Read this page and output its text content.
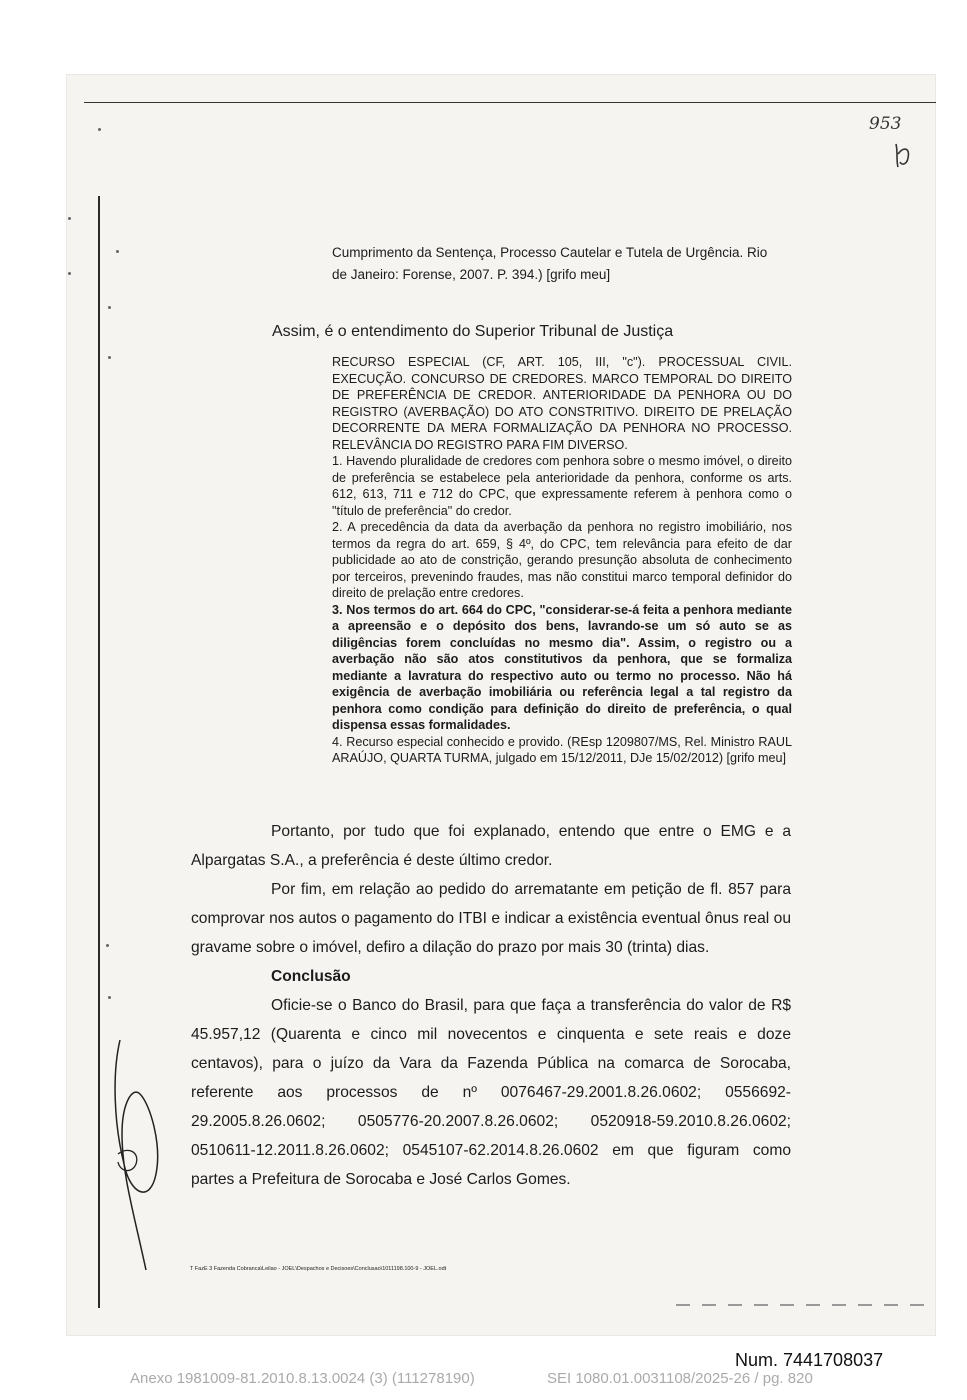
953
Cumprimento da Sentença, Processo Cautelar e Tutela de Urgência. Rio
de Janeiro: Forense, 2007. P. 394.) [grifo meu]
Assim, é o entendimento do Superior Tribunal de Justiça

RECURSO ESPECIAL (CF, ART. 105, III, "c"). PROCESSUAL CIVIL. EXECUÇÃO. CONCURSO DE CREDORES. MARCO TEMPORAL DO DIREITO DE PREFERÊNCIA DE CREDOR. ANTERIORIDADE DA PENHORA OU DO REGISTRO (AVERBAÇÃO) DO ATO CONSTRITIVO. DIREITO DE PRELAÇÃO DECORRENTE DA MERA FORMALIZAÇÃO DA PENHORA NO PROCESSO. RELEVÂNCIA DO REGISTRO PARA FIM DIVERSO.

1. Havendo pluralidade de credores com penhora sobre o mesmo imóvel, o direito de preferência se estabelece pela anterioridade da penhora, conforme os arts. 612, 613, 711 e 712 do CPC, que expressamente referem à penhora como o "título de preferência" do credor.

2. A precedência da data da averbação da penhora no registro imobiliário, nos termos da regra do art. 659, § 4º, do CPC, tem relevância para efeito de dar publicidade ao ato de constrição, gerando presunção absoluta de conhecimento por terceiros, prevenindo fraudes, mas não constitui marco temporal definidor do direito de prelação entre credores.

3. Nos termos do art. 664 do CPC, "considerar-se-á feita a penhora mediante a apreensão e o depósito dos bens, lavrando-se um só auto se as diligências forem concluídas no mesmo dia". Assim, o registro ou a averbação não são atos constitutivos da penhora, que se formaliza mediante a lavratura do respectivo auto ou termo no processo. Não há exigência de averbação imobiliária ou referência legal a tal registro da penhora como condição para definição do direito de preferência, o qual dispensa essas formalidades.

4. Recurso especial conhecido e provido. (REsp 1209807/MS, Rel. Ministro RAUL ARAÚJO, QUARTA TURMA, julgado em 15/12/2011, DJe 15/02/2012) [grifo meu]

Portanto, por tudo que foi explanado, entendo que entre o EMG e a Alpargatas S.A., a preferência é deste último credor.

Por fim, em relação ao pedido do arrematante em petição de fl. 857 para comprovar nos autos o pagamento do ITBI e indicar a existência eventual ônus real ou gravame sobre o imóvel, defiro a dilação do prazo por mais 30 (trinta) dias.

Conclusão

Oficie-se o Banco do Brasil, para que faça a transferência do valor de R$ 45.957,12 (Quarenta e cinco mil novecentos e cinquenta e sete reais e doze centavos), para o juízo da Vara da Fazenda Pública na comarca de Sorocaba, referente aos processos de nº 0076467-29.2001.8.26.0602; 0556692-29.2005.8.26.0602; 0505776-20.2007.8.26.0602; 0520918-59.2010.8.26.0602; 0510611-12.2011.8.26.0602; 0545107-62.2014.8.26.0602 em que figuram como partes a Prefeitura de Sorocaba e José Carlos Gomes.

T FazE 3 Fazenda Cobranca\Leilao - JOEL\Despachos e Decisoes\Conclusao\1011198.100-9 - JOEL.odt
Num. 7441708037
Anexo 1981009-81.2010.8.13.0024 (3) (111278190)	SEI 1080.01.0031108/2025-26 / pg. 820
